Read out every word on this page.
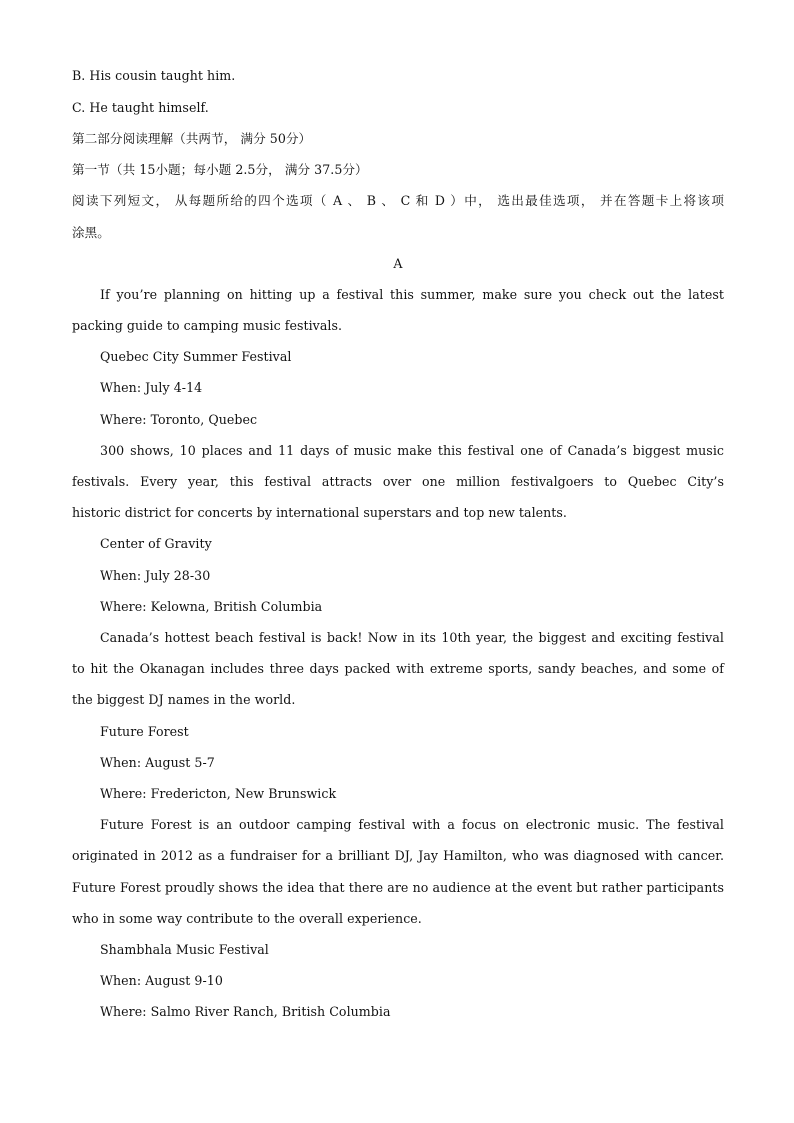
B. His cousin taught him.

C. He taught himself.

第二部分阅读理解（共两节， 满分 50分）

第一节（共 15小题；每小题 2.5分， 满分 37.5分）

阅读下列短文， 从每题所给的四个选项（ A 、 B 、 C 和 D ）中， 选出最佳选项， 并在答题卡上将该项

涂黑。

A

If you’re planning on hitting up a festival this summer, make sure you check out the latest

packing guide to camping music festivals.

Quebec City Summer Festival

When: July 4-14

Where: Toronto, Quebec

300 shows, 10 places and 11 days of music make this festival one of Canada’s biggest music

festivals. Every year, this festival attracts over one million festivalgoers to Quebec City’s

historic district for concerts by international superstars and top new talents.

Center of Gravity

When: July 28-30

Where: Kelowna, British Columbia

Canada’s hottest beach festival is back! Now in its 10th year, the biggest and exciting festival

to hit the Okanagan includes three days packed with extreme sports, sandy beaches, and some of

the biggest DJ names in the world.

Future Forest

When: August 5-7

Where: Fredericton, New Brunswick

Future Forest is an outdoor camping festival with a focus on electronic music. The festival

originated in 2012 as a fundraiser for a brilliant DJ, Jay Hamilton, who was diagnosed with cancer.

Future Forest proudly shows the idea that there are no audience at the event but rather participants

who in some way contribute to the overall experience.

Shambhala Music Festival

When: August 9-10

Where: Salmo River Ranch, British Columbia
